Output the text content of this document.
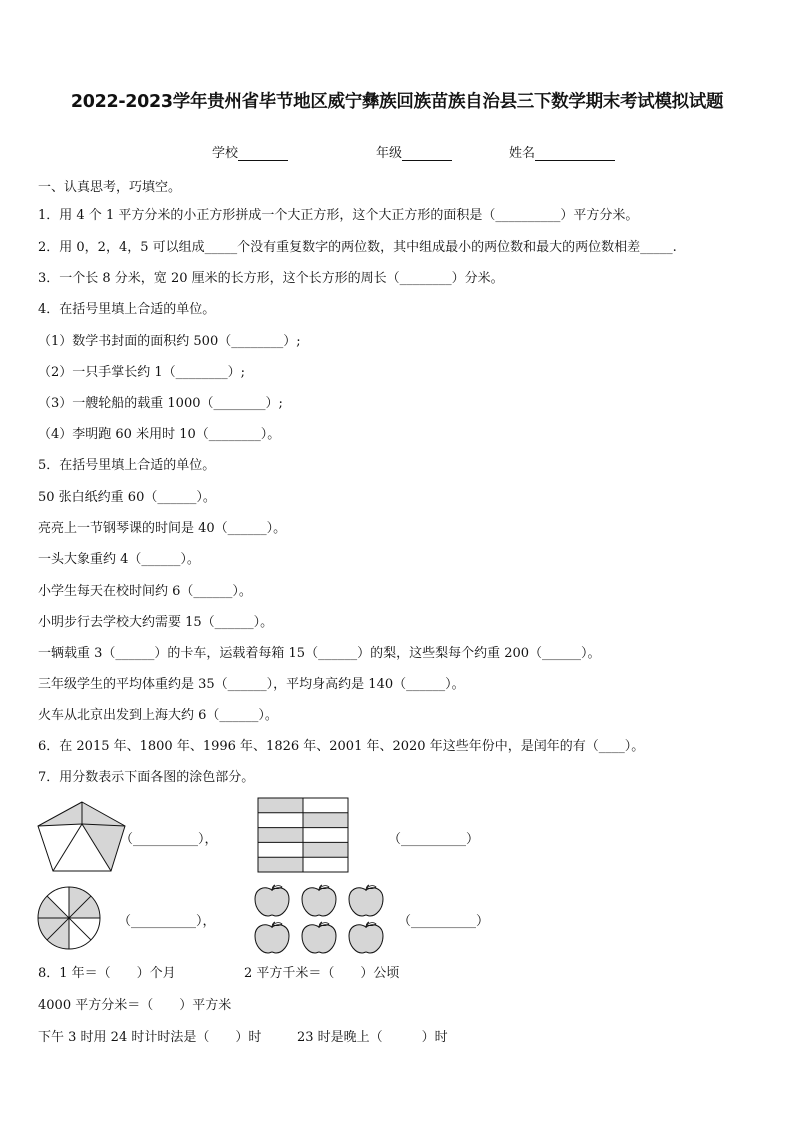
2022-2023学年贵州省毕节地区威宁彝族回族苗族自治县三下数学期末考试模拟试题
学校	年级	姓名
一、认真思考，巧填空。
1．用 4 个 1 平方分米的小正方形拼成一个大正方形，这个大正方形的面积是（__________）平方分米。
2．用 0，2，4，5 可以组成_____个没有重复数字的两位数，其中组成最小的两位数和最大的两位数相差_____.
3．一个长 8 分米，宽 20 厘米的长方形，这个长方形的周长（________）分米。
4．在括号里填上合适的单位。
（1）数学书封面的面积约 500（________）;
（2）一只手掌长约 1（________）;
（3）一艘轮船的载重 1000（________）;
（4）李明跑 60 米用时 10（________）。
5．在括号里填上合适的单位。
50 张白纸约重 60（______）。
亮亮上一节钢琴课的时间是 40（______）。
一头大象重约 4（______）。
小学生每天在校时间约 6（______）。
小明步行去学校大约需要 15（______）。
一辆载重 3（______）的卡车，运载着每箱 15（______）的梨，这些梨每个约重 200（______）。
三年级学生的平均体重约是 35（______），平均身高约是 140（______）。
火车从北京出发到上海大约 6（______）。
6．在 2015 年、1800 年、1996 年、1826 年、2001 年、2020 年这些年份中，是闰年的有（____）。
7．用分数表示下面各图的涂色部分。
（__________），	（__________）
（__________），	（__________）
8．1 年＝（　　）个月	2 平方千米＝（　　）公顷
4000 平方分米＝（　　）平方米
下午 3 时用 24 时计时法是（　　）时	23 时是晚上（　　　）时
